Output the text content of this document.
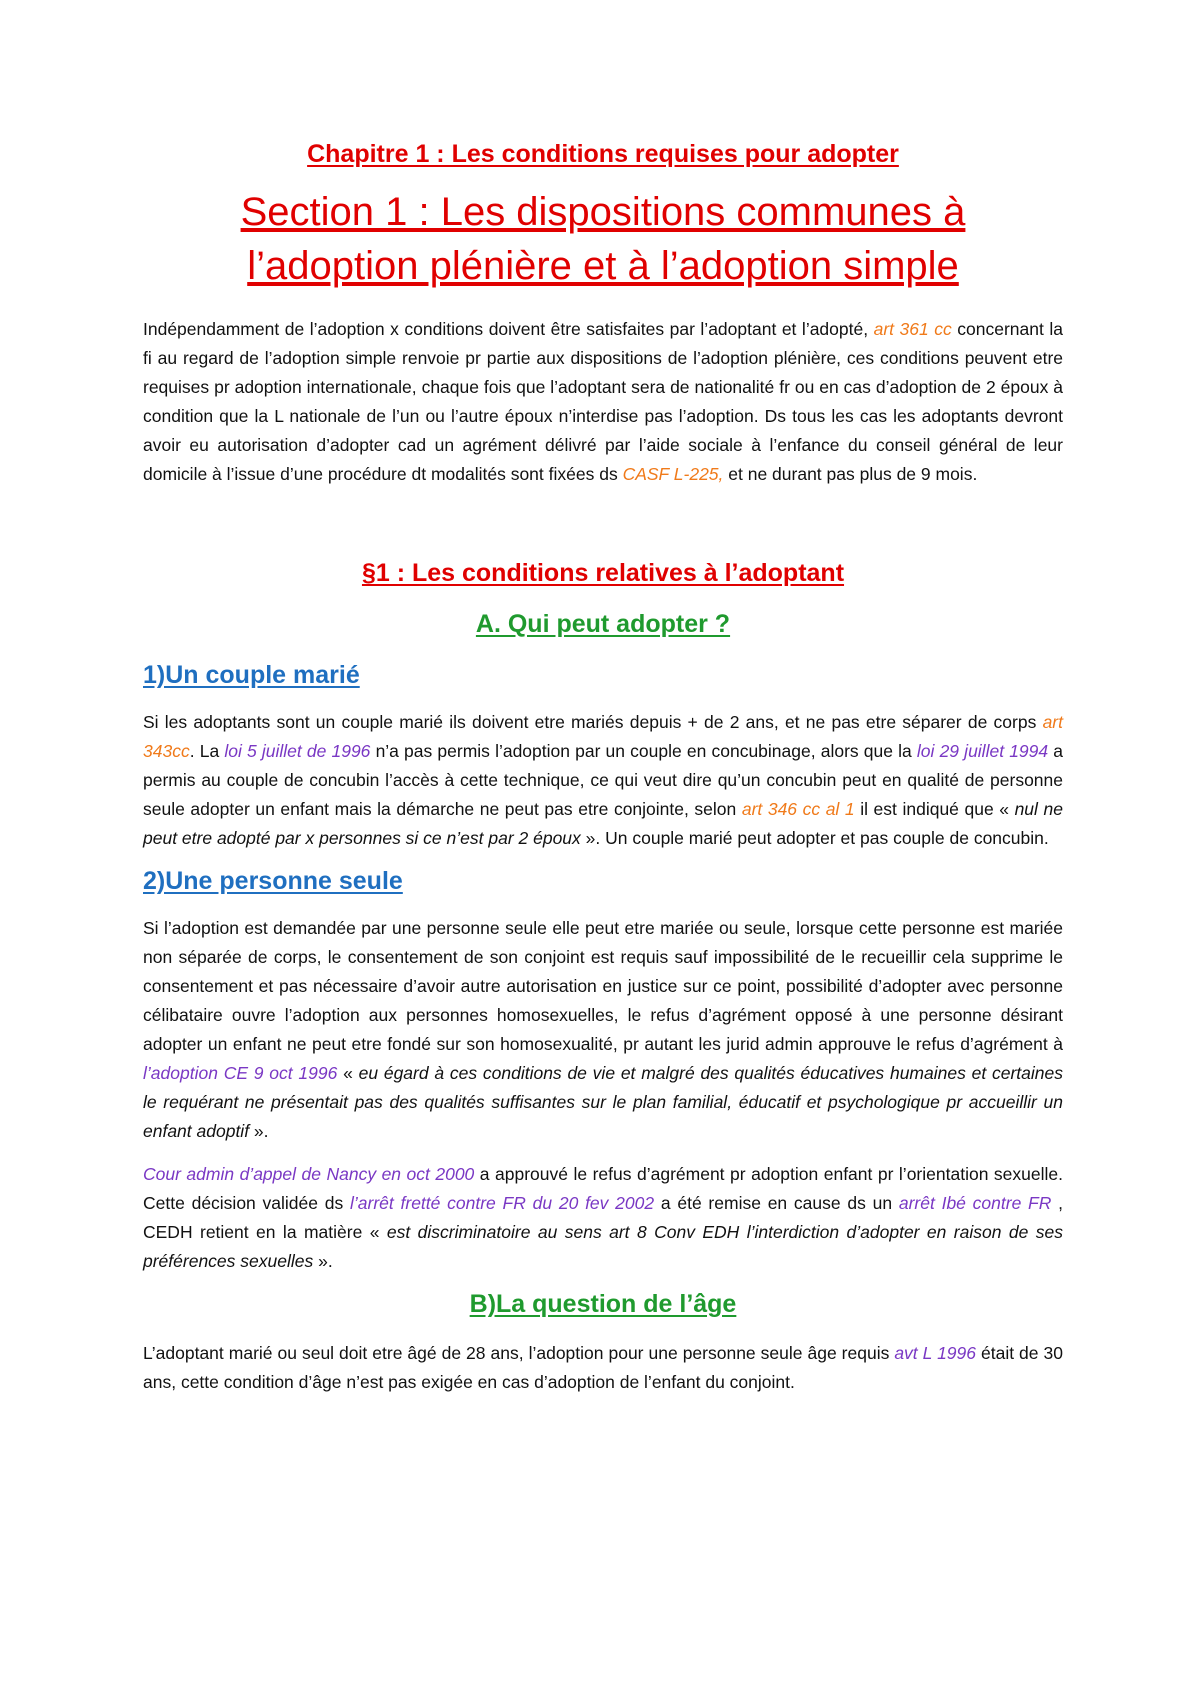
Chapitre 1 : Les conditions requises pour adopter
Section 1 : Les dispositions communes à
l’adoption plénière et à l’adoption simple

Indépendamment de l’adoption x conditions doivent être satisfaites par l’adoptant et l’adopté, art 361 cc concernant la fi au regard de l’adoption simple renvoie pr partie aux dispositions de l’adoption plénière, ces conditions peuvent etre requises pr adoption internationale, chaque fois que l’adoptant sera de nationalité fr ou en cas d’adoption de 2 époux à condition que la L nationale de l’un ou l’autre époux n’interdise pas l’adoption. Ds tous les cas les adoptants devront avoir eu autorisation d’adopter cad un agrément délivré par l’aide sociale à l’enfance du conseil général de leur domicile à l’issue d’une procédure dt modalités sont fixées ds CASF L-225, et ne durant pas plus de 9 mois.

§1 : Les conditions relatives à l’adoptant
A. Qui peut adopter ?
1)Un couple marié

Si les adoptants sont un couple marié ils doivent etre mariés depuis + de 2 ans, et ne pas etre séparer de corps art 343cc. La loi 5 juillet de 1996 n’a pas permis l’adoption par un couple en concubinage, alors que la loi 29 juillet 1994 a permis au couple de concubin l’accès à cette technique, ce qui veut dire qu’un concubin peut en qualité de personne seule adopter un enfant mais la démarche ne peut pas etre conjointe, selon art 346 cc al 1 il est indiqué que « nul ne peut etre adopté par x personnes si ce n’est par 2 époux ». Un couple marié peut adopter et pas couple de concubin.

2)Une personne seule

Si l’adoption est demandée par une personne seule elle peut etre mariée ou seule, lorsque cette personne est mariée non séparée de corps, le consentement de son conjoint est requis sauf impossibilité de le recueillir cela supprime le consentement et pas nécessaire d’avoir autre autorisation en justice sur ce point, possibilité d’adopter avec personne célibataire ouvre l’adoption aux personnes homosexuelles, le refus d’agrément opposé à une personne désirant adopter un enfant ne peut etre fondé sur son homosexualité, pr autant les jurid admin approuve le refus d’agrément à l’adoption CE 9 oct 1996 « eu égard à ces conditions de vie et malgré des qualités éducatives humaines et certaines le requérant ne présentait pas des qualités suffisantes sur le plan familial, éducatif et psychologique pr accueillir un enfant adoptif ».

Cour admin d’appel de Nancy en oct 2000 a approuvé le refus d’agrément pr adoption enfant pr l’orientation sexuelle. Cette décision validée ds l’arrêt fretté contre FR du 20 fev 2002 a été remise en cause ds un arrêt Ibé contre FR , CEDH retient en la matière « est discriminatoire au sens art 8 Conv EDH l’interdiction d’adopter en raison de ses préférences sexuelles ».

B)La question de l’âge

L’adoptant marié ou seul doit etre âgé de 28 ans, l’adoption pour une personne seule âge requis avt L 1996 était de 30 ans, cette condition d’âge n’est pas exigée en cas d’adoption de l’enfant du conjoint.
